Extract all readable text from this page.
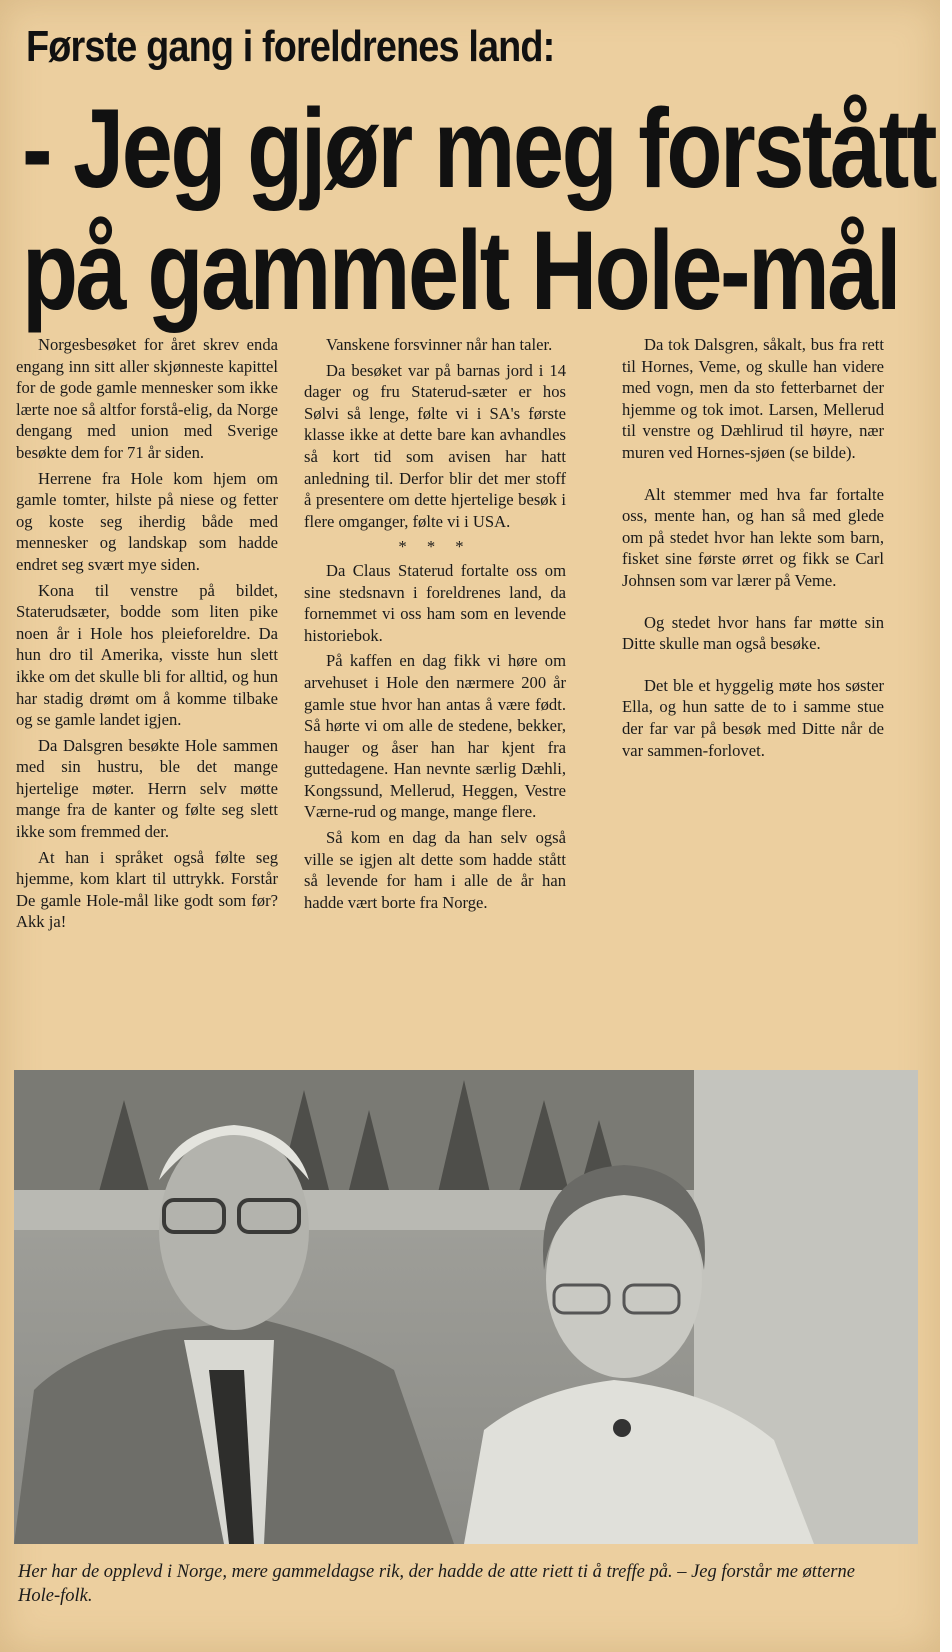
Første gang i foreldrenes land:
- Jeg gjør meg forstått
på gammelt Hole-mål

Norgesbesøket for året skrev enda engang inn sitt aller skjønneste kapittel for de gode gamle mennesker som ikke lærte noe så altfor forstå-elig, da Norge dengang med union med Sverige besøkte dem for 71 år siden.

Herrene fra Hole kom hjem om gamle tomter, hilste på niese og fetter og koste seg iherdig både med mennesker og landskap som hadde endret seg svært mye siden.

Kona til venstre på bildet, Staterudsæter, bodde som liten pike noen år i Hole hos pleieforeldre. Da hun dro til Amerika, visste hun slett ikke om det skulle bli for alltid, og hun har stadig drømt om å komme tilbake og se gamle landet igjen.

Da Dalsgren besøkte Hole sammen med sin hustru, ble det mange hjertelige møter. Herrn selv møtte mange fra de kanter og følte seg slett ikke som fremmed der.

At han i språket også følte seg hjemme, kom klart til uttrykk. Forstår De gamle Hole-mål like godt som før? Akk ja!

Vanskene forsvinner når han taler.

Da besøket var på barnas jord i 14 dager og fru Staterud-sæter er hos Sølvi så lenge, følte vi i SA's første klasse ikke at dette bare kan avhandles så kort tid som avisen har hatt anledning til. Derfor blir det mer stoff å presentere om dette hjertelige besøk i flere omganger, følte vi i USA.

* * *

Da Claus Staterud fortalte oss om sine stedsnavn i foreldrenes land, da fornemmet vi oss ham som en levende historiebok.

På kaffen en dag fikk vi høre om arvehuset i Hole den nærmere 200 år gamle stue hvor han antas å være født. Så hørte vi om alle de stedene, bekker, hauger og åser han har kjent fra guttedagene. Han nevnte særlig Dæhli, Kongssund, Mellerud, Heggen, Vestre Værne-rud og mange, mange flere.

Så kom en dag da han selv også ville se igjen alt dette som hadde stått så levende for ham i alle de år han hadde vært borte fra Norge.

Da tok Dalsgren, såkalt, bus fra rett til Hornes, Veme, og skulle han videre med vogn, men da sto fetterbarnet der hjemme og tok imot. Larsen, Mellerud til venstre og Dæhlirud til høyre, nær muren ved Hornes-sjøen (se bilde).

Alt stemmer med hva far fortalte oss, mente han, og han så med glede om på stedet hvor han lekte som barn, fisket sine første ørret og fikk se Carl Johnsen som var lærer på Veme.

Og stedet hvor hans far møtte sin Ditte skulle man også besøke.

Det ble et hyggelig møte hos søster Ella, og hun satte de to i samme stue der far var på besøk med Ditte når de var sammen-forlovet.

Her har de opplevd i Norge, mere gammeldagse rik, der hadde de atte riett ti å treffe på. – Jeg forstår me øtterne Hole-folk.
